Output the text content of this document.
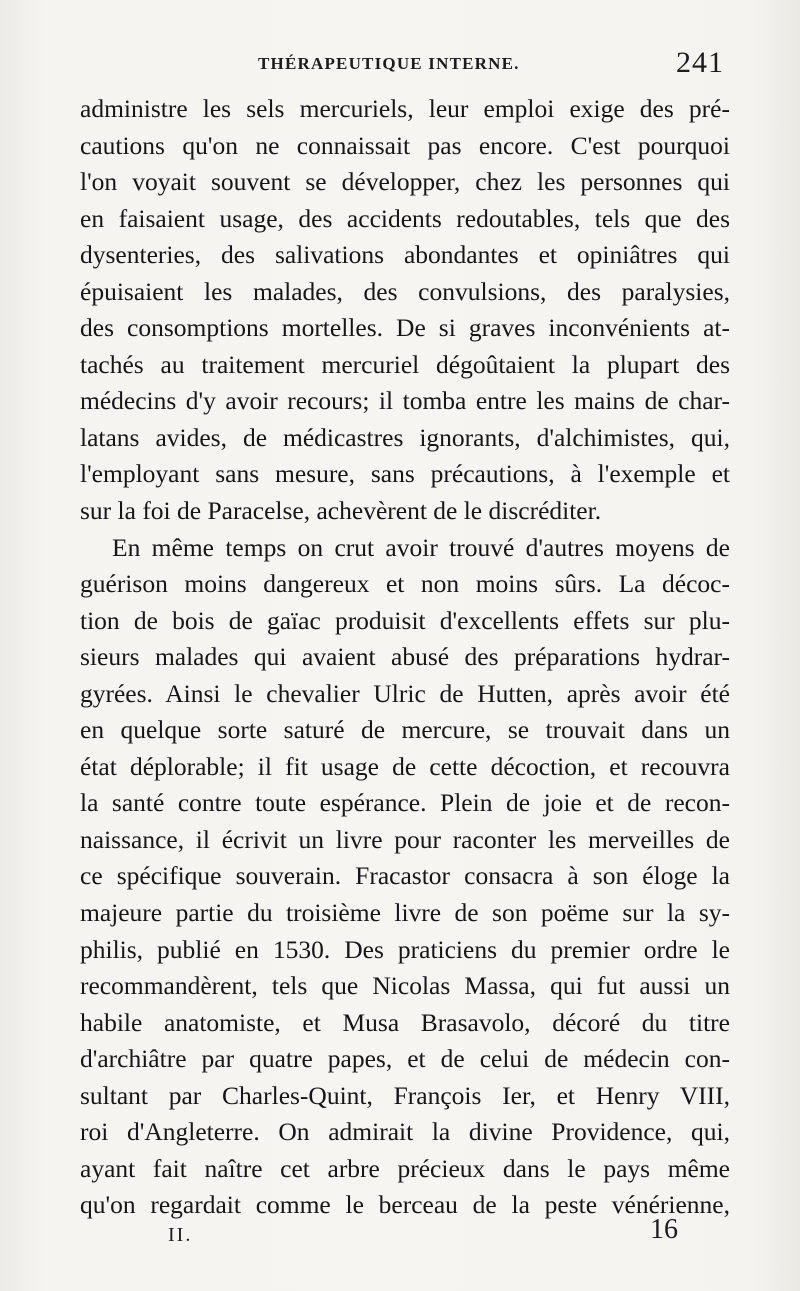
THÉRAPEUTIQUE INTERNE.	241
administre les sels mercuriels, leur emploi exige des pré-
cautions qu'on ne connaissait pas encore. C'est pourquoi
l'on voyait souvent se développer, chez les personnes qui
en faisaient usage, des accidents redoutables, tels que des
dysenteries, des salivations abondantes et opiniâtres qui
épuisaient les malades, des convulsions, des paralysies,
des consomptions mortelles. De si graves inconvénients at-
tachés au traitement mercuriel dégoûtaient la plupart des
médecins d'y avoir recours; il tomba entre les mains de char-
latans avides, de médicastres ignorants, d'alchimistes, qui,
l'employant sans mesure, sans précautions, à l'exemple et
sur la foi de Paracelse, achevèrent de le discréditer.
En même temps on crut avoir trouvé d'autres moyens de
guérison moins dangereux et non moins sûrs. La décoc-
tion de bois de gaïac produisit d'excellents effets sur plu-
sieurs malades qui avaient abusé des préparations hydrar-
gyrées. Ainsi le chevalier Ulric de Hutten, après avoir été
en quelque sorte saturé de mercure, se trouvait dans un
état déplorable; il fit usage de cette décoction, et recouvra
la santé contre toute espérance. Plein de joie et de recon-
naissance, il écrivit un livre pour raconter les merveilles de
ce spécifique souverain. Fracastor consacra à son éloge la
majeure partie du troisième livre de son poëme sur la sy-
philis, publié en 1530. Des praticiens du premier ordre le
recommandèrent, tels que Nicolas Massa, qui fut aussi un
habile anatomiste, et Musa Brasavolo, décoré du titre
d'archiâtre par quatre papes, et de celui de médecin con-
sultant par Charles-Quint, François Ier, et Henry VIII,
roi d'Angleterre. On admirait la divine Providence, qui,
ayant fait naître cet arbre précieux dans le pays même
qu'on regardait comme le berceau de la peste vénérienne,
II.	16
